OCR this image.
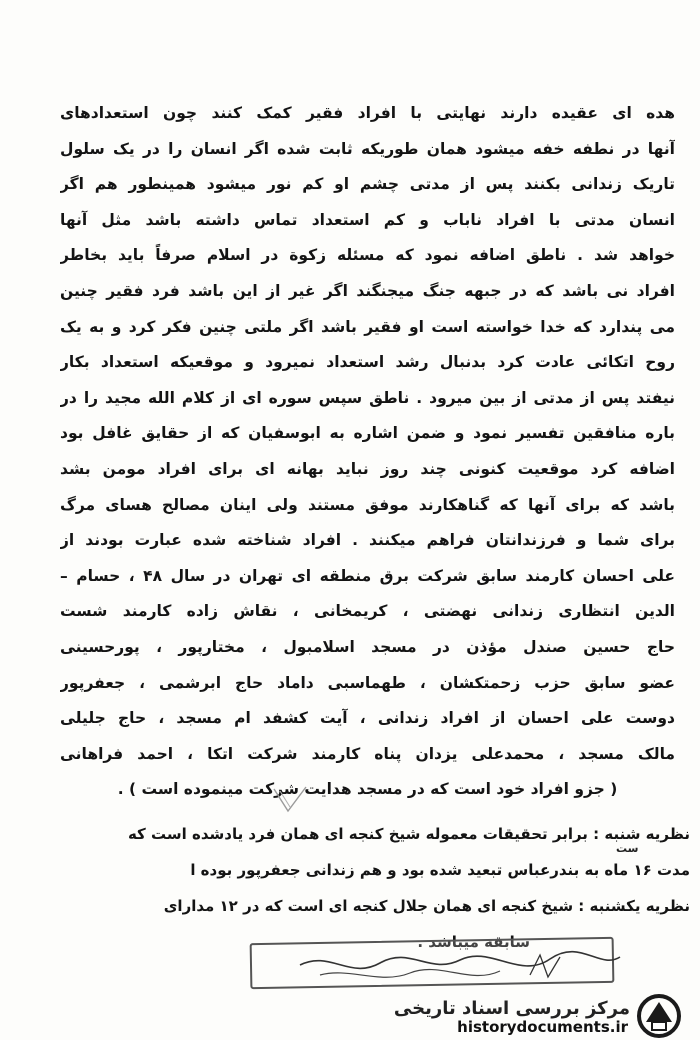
هده ای عقیده دارند نهایتی با افراد فقیر کمک کنند چون استعدادهای
آنها در نطفه خفه میشود همان طوریکه ثابت شده اگر انسان را در یک سلول
تاریک زندانی بکنند پس از مدتی چشم او کم نور میشود همینطور هم اگر
انسان مدتی با افراد ناباب و کم استعداد تماس داشته باشد مثل آنها
خواهد شد . ناطق اضافه نمود که مسئله زکوة در اسلام صرفاً باید بخاطر
افراد نی باشد که در جبهه جنگ میجنگند اگر غیر از این باشد فرد فقیر چنین
می پندارد که خدا خواسته است او فقیر باشد اگر ملتی چنین فکر کرد و به یک
روح اتکائی عادت کرد بدنبال رشد استعداد نمیرود و موقعیکه استعداد بکار
نیفتد پس از مدتی از بین میرود . ناطق سپس سوره ای از کلام الله مجید را در
باره منافقین تفسیر نمود و ضمن اشاره به ابوسفیان که از حقایق غافل بود
اضافه کرد موقعیت کنونی چند روز نباید بهانه ای برای افراد مومن بشد
باشد که برای آنها که گناهکارند موفق مستند ولی اینان مصالح هسای مرگ
برای شما و فرزندانتان فراهم میکنند . افراد شناخته شده عبارت بودند از
علی احسان کارمند سابق شرکت برق منطقه ای تهران در سال ۴۸ ، حسام –
الدین انتظاری زندانی نهضتی ، کریمخانی ، نقاش زاده کارمند شست
حاج حسین صندل مؤذن در مسجد اسلامبول ، مختارپور ، پورحسینی
عضو سابق حزب زحمتکشان ، طهماسبی داماد حاج ابرشمی ، جعفرپور
دوست علی احسان از افراد زندانی ، آیت کشفد ام مسجد ، حاج جلیلی
مالک مسجد ، محمدعلی یزدان پناه کارمند شرکت اتکا ، احمد فراهانی
( جزو افراد خود است که در مسجد هدایت شرکت مینموده است ) .
نظریه شنبه : برابر تحقیقات معموله شیخ کنجه ای همان فرد یادشده است که
مدت ۱۶ ماه به بندرعباس تبعید شده بود و هم زندانی جعفرپور بوده ا
نظریه یکشنبه : شیخ کنجه ای همان جلال کنجه ای است که در ۱۲ مدارای
سابقه میباشد .
ست
مرکز بررسی اسناد تاریخی
historydocuments.ir
